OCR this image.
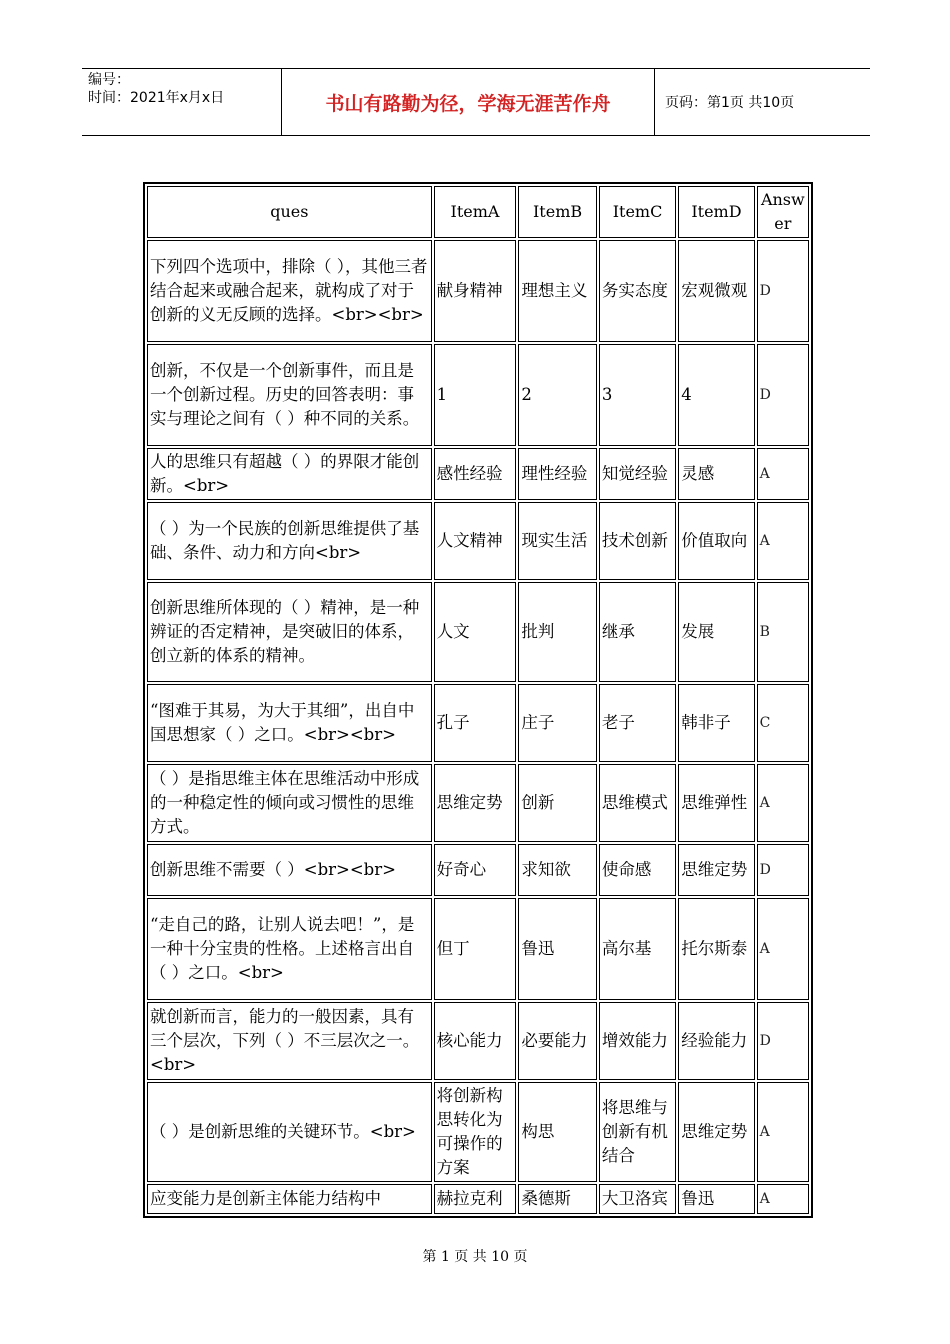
编号：
时间：2021年x月x日	书山有路勤为径，学海无涯苦作舟	页码：第1页 共10页
ques	ItemA	ItemB	ItemC	ItemD	Answer
下列四个选项中，排除（ ），其他三者结合起来或融合起来，就构成了对于创新的义无反顾的选择。<br><br>	献身精神	理想主义	务实态度	宏观微观	D
创新，不仅是一个创新事件，而且是一个创新过程。历史的回答表明：事实与理论之间有（ ）种不同的关系。	1	2	3	4	D
人的思维只有超越（ ）的界限才能创新。<br>	感性经验	理性经验	知觉经验	灵感	A
（ ）为一个民族的创新思维提供了基础、条件、动力和方向<br>	人文精神	现实生活	技术创新	价值取向	A
创新思维所体现的（ ）精神，是一种辨证的否定精神，是突破旧的体系，创立新的体系的精神。	人文	批判	继承	发展	B
“图难于其易，为大于其细”，出自中国思想家（ ）之口。<br><br>	孔子	庄子	老子	韩非子	C
（ ）是指思维主体在思维活动中形成的一种稳定性的倾向或习惯性的思维方式。	思维定势	创新	思维模式	思维弹性	A
创新思维不需要（ ）<br><br>	好奇心	求知欲	使命感	思维定势	D
“走自己的路，让别人说去吧！”，是一种十分宝贵的性格。上述格言出自（ ）之口。<br>	但丁	鲁迅	高尔基	托尔斯泰	A
就创新而言，能力的一般因素，具有三个层次，下列（ ）不三层次之一。<br>	核心能力	必要能力	增效能力	经验能力	D
（ ）是创新思维的关键环节。<br>	将创新构思转化为可操作的方案	构思	将思维与创新有机结合	思维定势	A
应变能力是创新主体能力结构中	赫拉克利	桑德斯	大卫洛宾	鲁迅	A
第 1 页 共 10 页
